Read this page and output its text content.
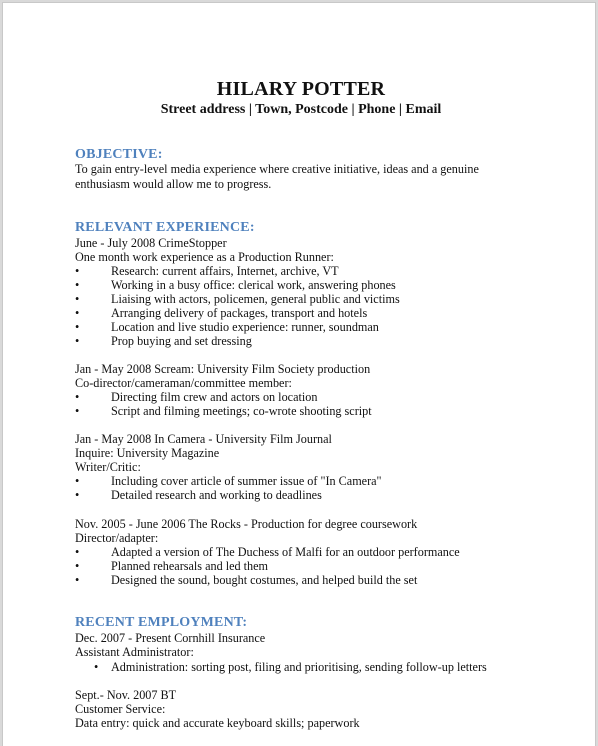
HILARY POTTER
Street address | Town, Postcode | Phone | Email
OBJECTIVE:
To gain entry-level media experience where creative initiative, ideas and a genuine
enthusiasm would allow me to progress.
RELEVANT EXPERIENCE:
June - July 2008 CrimeStopper
One month work experience as a Production Runner:
•	Research: current affairs, Internet, archive, VT
•	Working in a busy office: clerical work, answering phones
•	Liaising with actors, policemen, general public and victims
•	Arranging delivery of packages, transport and hotels
•	Location and live studio experience: runner, soundman
•	Prop buying and set dressing
Jan - May 2008 Scream: University Film Society production
Co-director/cameraman/committee member:
•	Directing film crew and actors on location
•	Script and filming meetings; co-wrote shooting script
Jan - May 2008 In Camera - University Film Journal
Inquire: University Magazine
Writer/Critic:
•	Including cover article of summer issue of "In Camera"
•	Detailed research and working to deadlines
Nov. 2005 - June 2006 The Rocks - Production for degree coursework
Director/adapter:
•	Adapted a version of The Duchess of Malfi for an outdoor performance
•	Planned rehearsals and led them
•	Designed the sound, bought costumes, and helped build the set
RECENT EMPLOYMENT:
Dec. 2007 - Present Cornhill Insurance
Assistant Administrator:
• Administration: sorting post, filing and prioritising, sending follow-up letters
Sept.- Nov. 2007 BT
Customer Service:
Data entry: quick and accurate keyboard skills; paperwork
